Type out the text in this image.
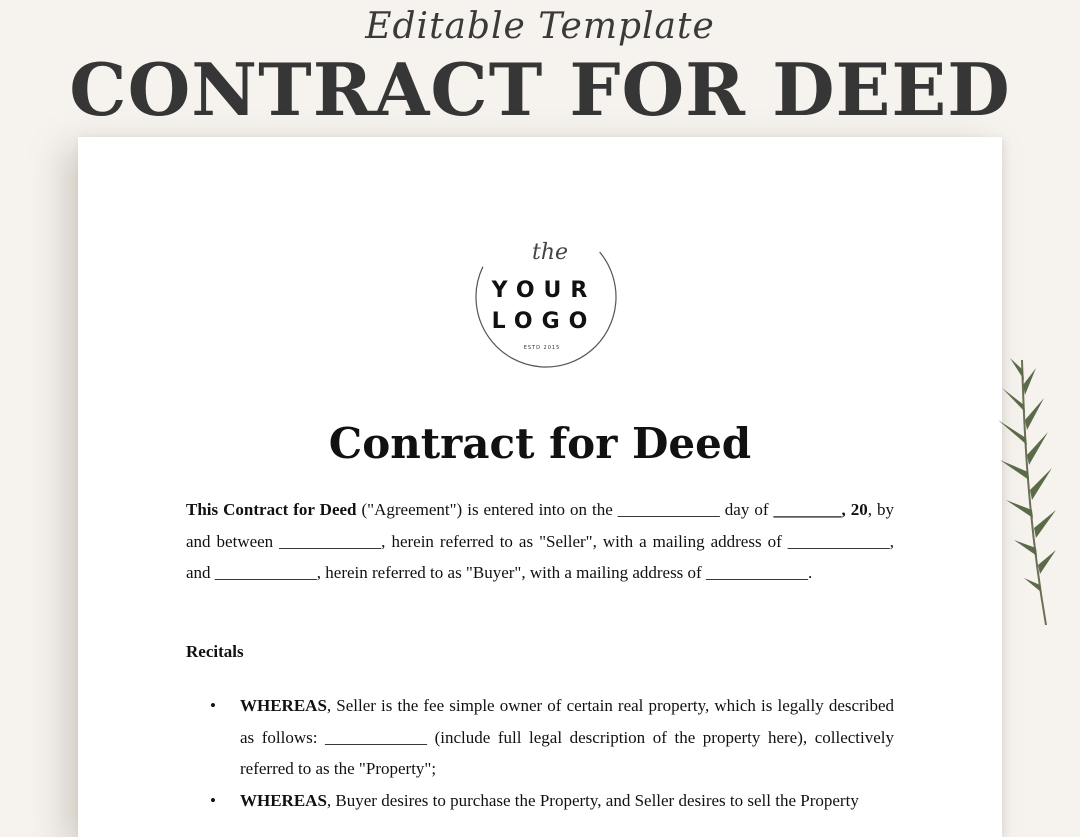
Editable Template
CONTRACT FOR DEED
the
YOUR
LOGO
ESTD 2015
Contract for Deed
This Contract for Deed ("Agreement") is entered into on the ____________ day of ________, 20, by and between ____________, herein referred to as "Seller", with a mailing address of ____________, and ____________, herein referred to as "Buyer", with a mailing address of ____________.
Recitals
• WHEREAS, Seller is the fee simple owner of certain real property, which is legally described as follows: ____________ (include full legal description of the property here), collectively referred to as the "Property";
• WHEREAS, Buyer desires to purchase the Property, and Seller desires to sell the Property
